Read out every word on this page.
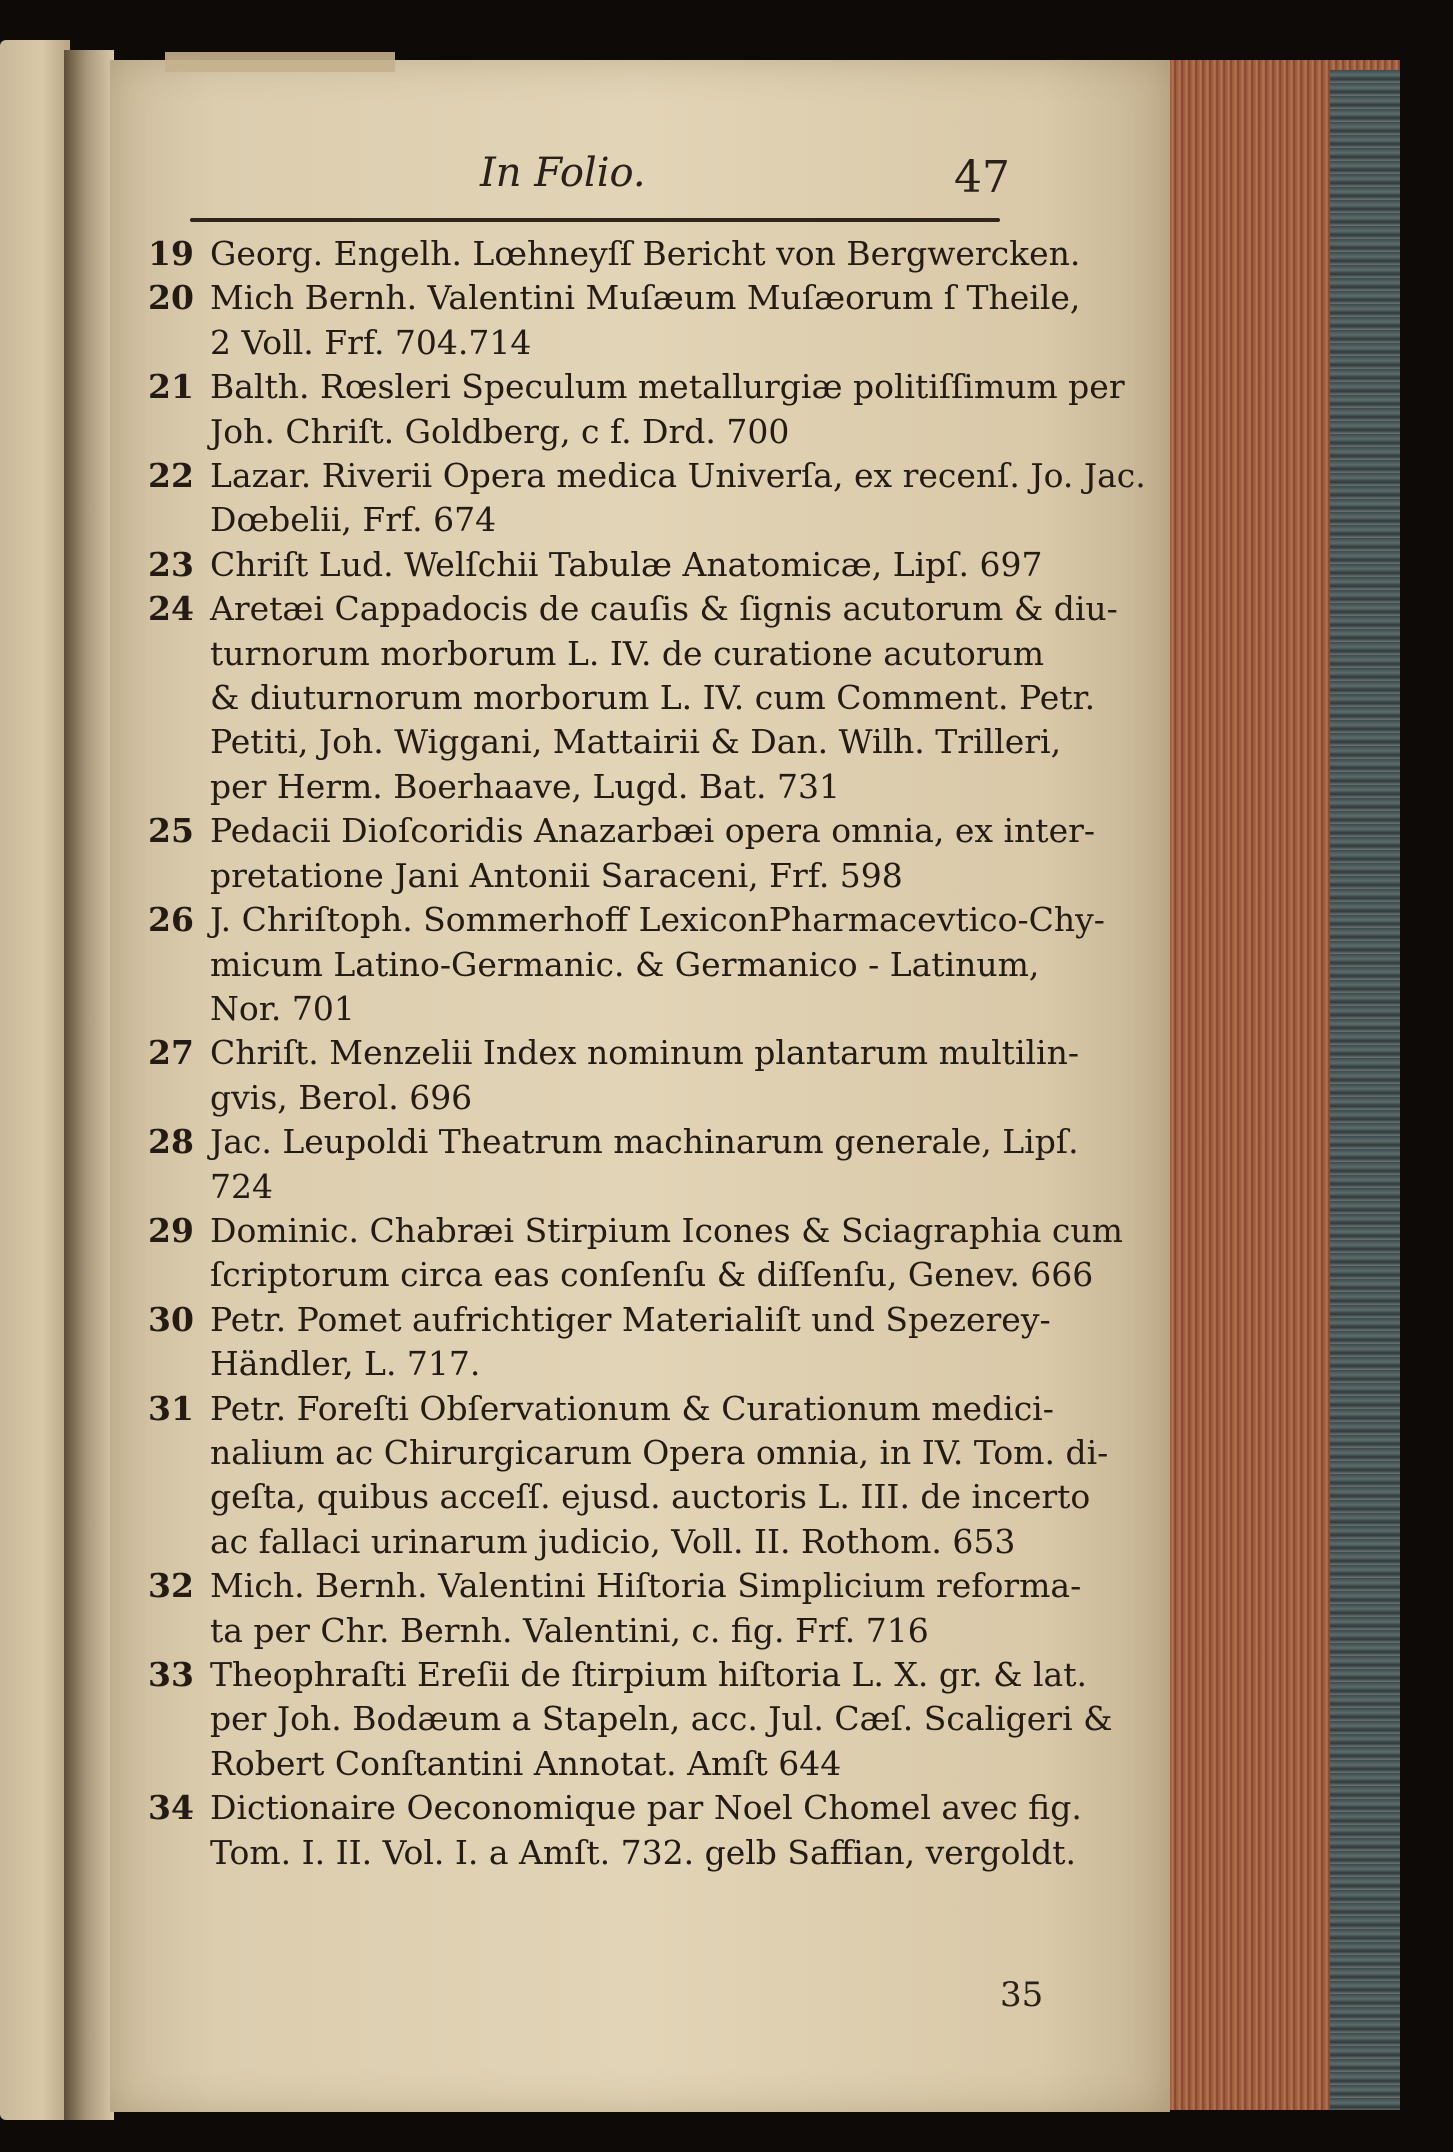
In Folio.	47
19 Georg. Engelh. Lœhneyſſ Bericht von Bergwercken.
20 Mich Bernh. Valentini Muſæum Muſæorum ſ Theile,
2 Voll. Frf. 704.714
21 Balth. Rœsleri Speculum metallurgiæ politiſſimum per
Joh. Chriſt. Goldberg, c f. Drd. 700
22 Lazar. Riverii Opera medica Univerſa, ex recenſ. Jo. Jac.
Dœbelii, Frf. 674
23 Chriſt Lud. Welſchii Tabulæ Anatomicæ, Lipſ. 697
24 Aretæi Cappadocis de cauſis & ſignis acutorum & diu-
turnorum morborum L. IV. de curatione acutorum
& diuturnorum morborum L. IV. cum Comment. Petr.
Petiti, Joh. Wiggani, Mattairii & Dan. Wilh. Trilleri,
per Herm. Boerhaave, Lugd. Bat. 731
25 Pedacii Dioſcoridis Anazarbæi opera omnia, ex inter-
pretatione Jani Antonii Saraceni, Frf. 598
26 J. Chriſtoph. Sommerhoff LexiconPharmacevtico-Chy-
micum Latino-Germanic. & Germanico - Latinum,
Nor. 701
27 Chriſt. Menzelii Index nominum plantarum multilin-
gvis, Berol. 696
28 Jac. Leupoldi Theatrum machinarum generale, Lipſ.
724
29 Dominic. Chabræi Stirpium Icones & Sciagraphia cum
ſcriptorum circa eas conſenſu & diſſenſu, Genev. 666
30 Petr. Pomet aufrichtiger Materialiſt und Spezerey-
Händler, L. 717.
31 Petr. Foreſti Obſervationum & Curationum medici-
nalium ac Chirurgicarum Opera omnia, in IV. Tom. di-
geſta, quibus acceſſ. ejusd. auctoris L. III. de incerto
ac fallaci urinarum judicio, Voll. II. Rothom. 653
32 Mich. Bernh. Valentini Hiſtoria Simplicium reforma-
ta per Chr. Bernh. Valentini, c. fig. Frf. 716
33 Theophraſti Ereſii de ſtirpium hiſtoria L. X. gr. & lat.
per Joh. Bodæum a Stapeln, acc. Jul. Cæſ. Scaligeri &
Robert Conſtantini Annotat. Amſt 644
34 Dictionaire Oeconomique par Noel Chomel avec fig.
Tom. I. II. Vol. I. a Amſt. 732. gelb Saffian, vergoldt.
35
